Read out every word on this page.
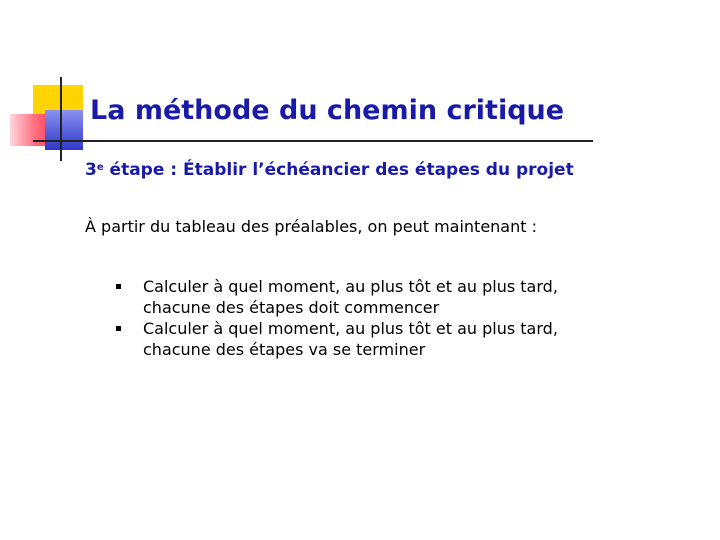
La méthode du chemin critique
3e étape : Établir l’échéancier des étapes du projet
À partir du tableau des préalables, on peut maintenant :
Calculer à quel moment, au plus tôt et au plus tard,
chacune des étapes doit commencer
Calculer à quel moment, au plus tôt et au plus tard,
chacune des étapes va se terminer
